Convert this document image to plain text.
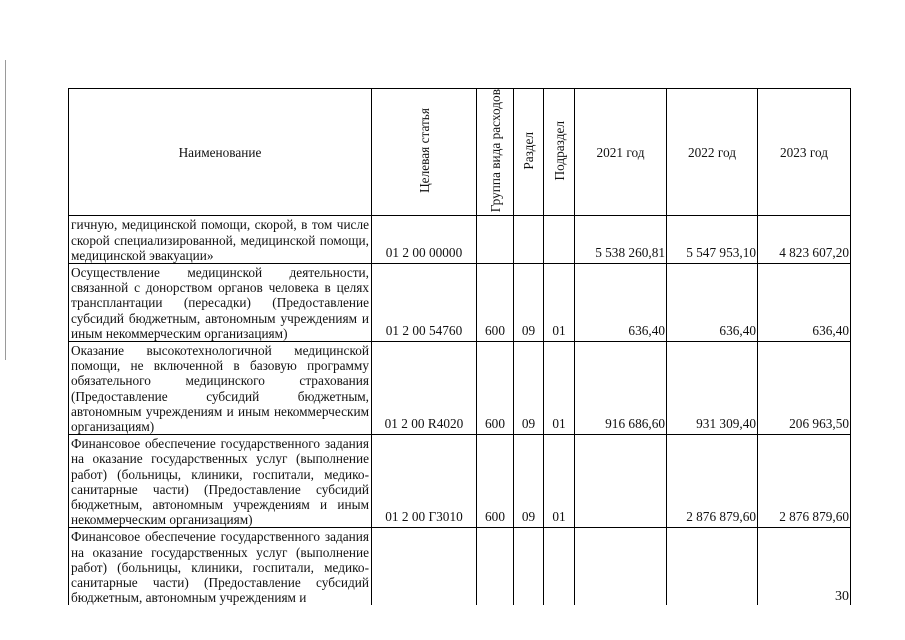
Наименование	Целевая статья	Группа вида расходов	Раздел	Подраздел	2021 год	2022 год	2023 год
гичную, медицинской помощи, скорой, в том числе скорой специализированной, медицинской помощи, медицинской эвакуации»	01 2 00 00000				5 538 260,81	5 547 953,10	4 823 607,20
Осуществление медицинской деятельности, связанной с донорством органов человека в целях трансплантации (пересадки) (Предоставление субсидий бюджетным, автономным учреждениям и иным некоммерческим организациям)	01 2 00 54760	600	09	01	636,40	636,40	636,40
Оказание высокотехнологичной медицинской помощи, не включенной в базовую программу обязательного медицинского страхования (Предоставление субсидий бюджетным, автономным учреждениям и иным некоммерческим организациям)	01 2 00 R4020	600	09	01	916 686,60	931 309,40	206 963,50
Финансовое обеспечение государственного задания на оказание государственных услуг (выполнение работ) (больницы, клиники, госпитали, медико-санитарные части) (Предоставление субсидий бюджетным, автономным учреждениям и иным некоммерческим организациям)	01 2 00 Г3010	600	09	01		2 876 879,60	2 876 879,60
Финансовое обеспечение государственного задания на оказание государственных услуг (выполнение работ) (больницы, клиники, госпитали, медико-санитарные части) (Предоставление субсидий бюджетным, автономным учреждениям и								30
